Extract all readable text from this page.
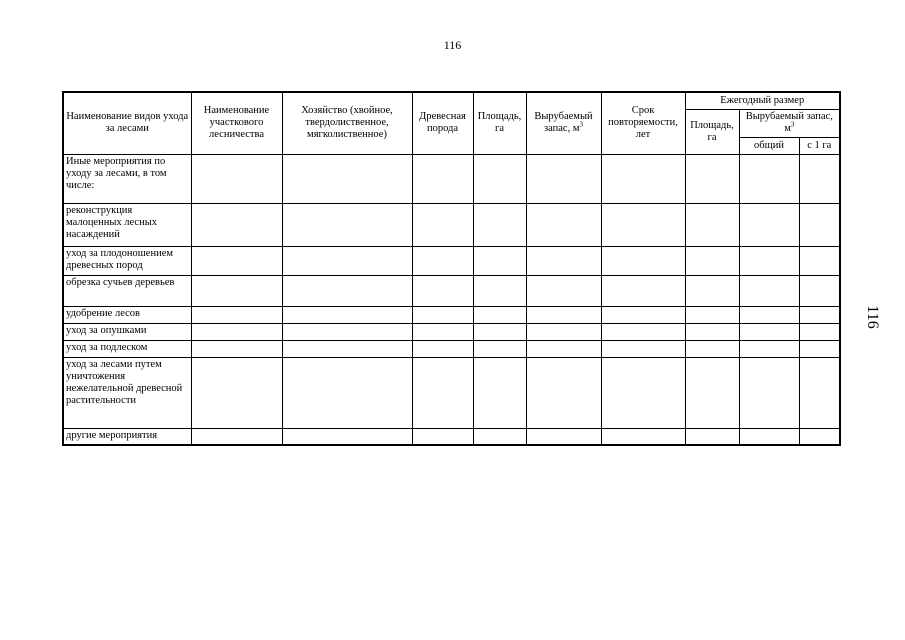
116
116
Наименование видов ухода за лесами	Наименование участкового лесничества	Хозяйство (хвойное, твердолиственное, мягколиственное)	Древесная порода	Площадь, га	Вырубаемый запас, $м^3$	Срок повторяемости, лет	Ежегодный размер		
							Площадь, га	Вырубаемый запас, $м^3$
								общий	с 1 га
Иные мероприятия по уходу за лесами, в том числе:									
реконструкция малоценных лесных насаждений									
уход за плодоношением древесных пород									
обрезка сучьев деревьев									
удобрение лесов									
уход за опушками									
уход за подлеском									
уход за лесами путем уничтожения нежелательной древесной растительности									
другие мероприятия									
